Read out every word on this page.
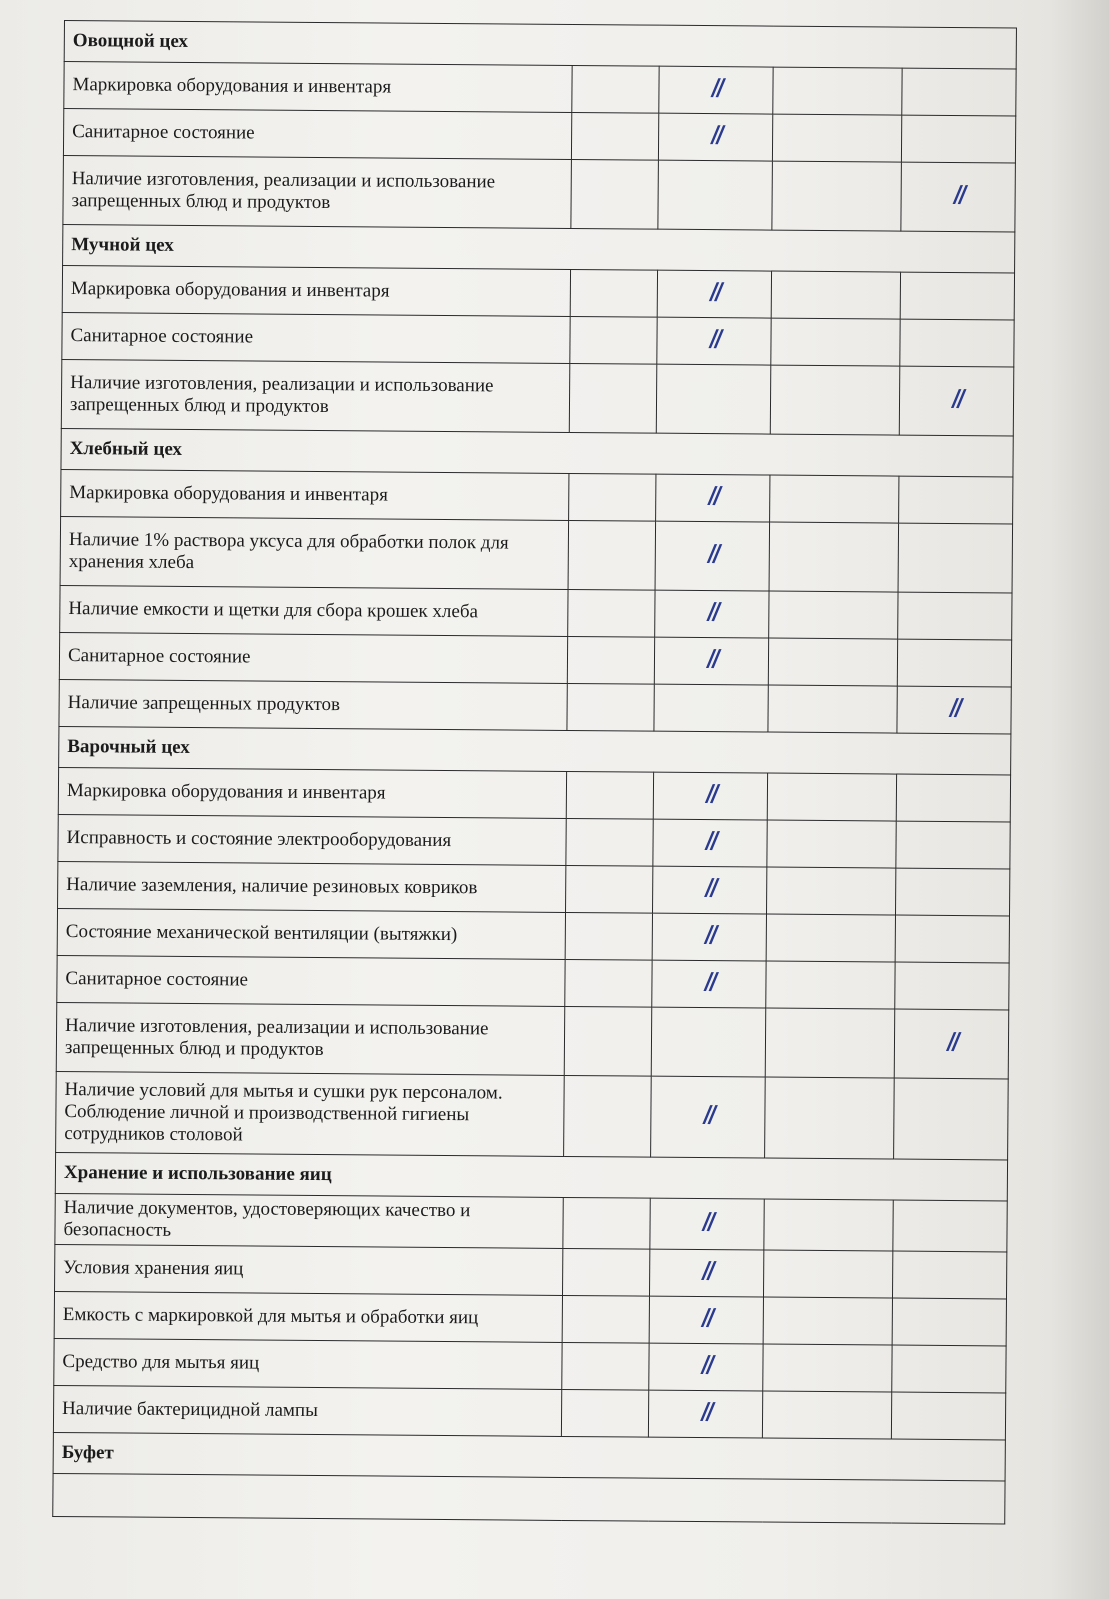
Овощной цех				
Маркировка оборудования и инвентаря		Ⅱ		
Санитарное состояние		Ⅱ		
Наличие изготовления, реализации и использование запрещенных блюд и продуктов				Ⅱ
Мучной цех				
Маркировка оборудования и инвентаря		Ⅱ		
Санитарное состояние		Ⅱ		
Наличие изготовления, реализации и использование запрещенных блюд и продуктов				Ⅱ
Хлебный цех				
Маркировка оборудования и инвентаря		Ⅱ		
Наличие 1% раствора уксуса для обработки полок для хранения хлеба		Ⅱ		
Наличие емкости и щетки для сбора крошек хлеба		Ⅱ		
Санитарное состояние		Ⅱ		
Наличие запрещенных продуктов				Ⅱ
Варочный цех				
Маркировка оборудования и инвентаря		Ⅱ		
Исправность и состояние электрооборудования		Ⅱ		
Наличие заземления, наличие резиновых ковриков		Ⅱ		
Состояние механической вентиляции (вытяжки)		Ⅱ		
Санитарное состояние		Ⅱ		
Наличие изготовления, реализации и использование запрещенных блюд и продуктов				Ⅱ
Наличие условий для мытья и сушки рук персоналом. Соблюдение личной и производственной гигиены сотрудников столовой		Ⅱ		
Хранение и использование яиц				
Наличие документов, удостоверяющих качество и безопасность		Ⅱ		
Условия хранения яиц		Ⅱ		
Емкость с маркировкой для мытья и обработки яиц		Ⅱ		
Средство для мытья яиц		Ⅱ		
Наличие бактерицидной лампы		Ⅱ		
Буфет				
